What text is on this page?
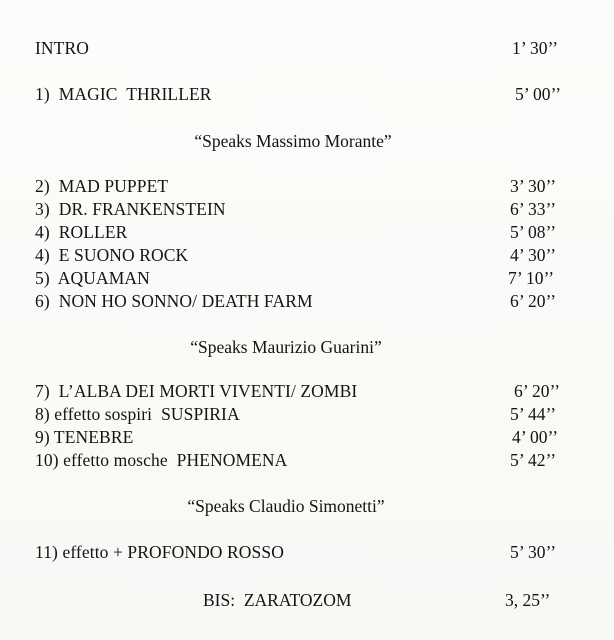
INTRO	1’ 30’’
1)  MAGIC  THRILLER	5’ 00’’
“Speaks Massimo Morante”
2)  MAD PUPPET	3’ 30’’
3)  DR. FRANKENSTEIN	6’ 33’’
4)  ROLLER	5’ 08’’
4)  E SUONO ROCK	4’ 30’’
5)  AQUAMAN	7’ 10’’
6)  NON HO SONNO/ DEATH FARM	6’ 20’’
“Speaks Maurizio Guarini”
7)  L’ALBA DEI MORTI VIVENTI/ ZOMBI	6’ 20’’
8) effetto sospiri  SUSPIRIA	5’ 44’’
9) TENEBRE	4’ 00’’
10) effetto mosche  PHENOMENA	5’ 42’’
“Speaks Claudio Simonetti”
11) effetto + PROFONDO ROSSO	5’ 30’’
BIS:  ZARATOZOM	3, 25’’
